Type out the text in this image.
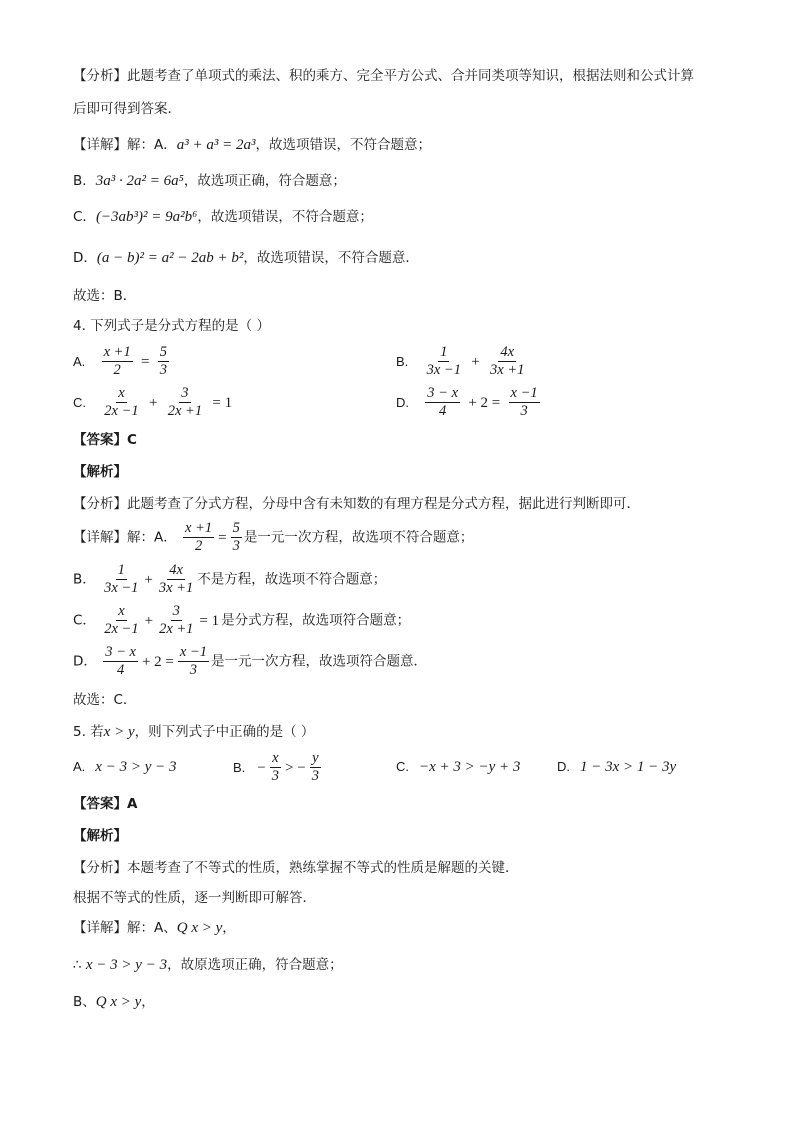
【分析】此题考查了单项式的乘法、积的乘方、完全平方公式、合并同类项等知识，根据法则和公式计算
后即可得到答案．
【详解】解：A．a³ + a³ = 2a³，故选项错误，不符合题意；
B．3a³ · 2a² = 6a⁵，故选项正确，符合题意；
C．(−3ab³)² = 9a²b⁶，故选项错误，不符合题意；
D．(a − b)² = a² − 2ab + b²，故选项错误，不符合题意．
故选：B．
4. 下列式子是分式方程的是（ ）
A. $\frac{x +1}{2} = \frac{5}{3}$	B. $\frac{1}{3x -1} + \frac{4x}{3x +1}$
C. $\frac{x}{2x -1} + \frac{3}{2x +1} = 1$	D. $\frac{3 - x}{4} + 2 = \frac{x -1}{3}$
【答案】C
【解析】
【分析】此题考查了分式方程，分母中含有未知数的有理方程是分式方程，据此进行判断即可．
【详解】解：A． $\frac{x +1}{2} = \frac{5}{3}$ 是一元一次方程，故选项不符合题意；
B． $\frac{1}{3x -1} + \frac{4x}{3x +1}$ 不是方程，故选项不符合题意；
C． $\frac{x}{2x -1} + \frac{3}{2x +1} = 1$ 是分式方程，故选项符合题意；
D． $\frac{3 - x}{4} + 2 = \frac{x -1}{3}$ 是一元一次方程，故选项符合题意．
故选：C．
5. 若x > y，则下列式子中正确的是（ ）
A. x − 3 > y − 3	B. − $\frac{x}{3}$ > − $\frac{y}{3}$	C. −x + 3 > −y + 3	D. 1 − 3x > 1 − 3y
【答案】A
【解析】
【分析】本题考查了不等式的性质，熟练掌握不等式的性质是解题的关键．
根据不等式的性质，逐一判断即可解答．
【详解】解：A、Q x > y，
∴ x − 3 > y − 3，故原选项正确，符合题意；
B、Q x > y，
